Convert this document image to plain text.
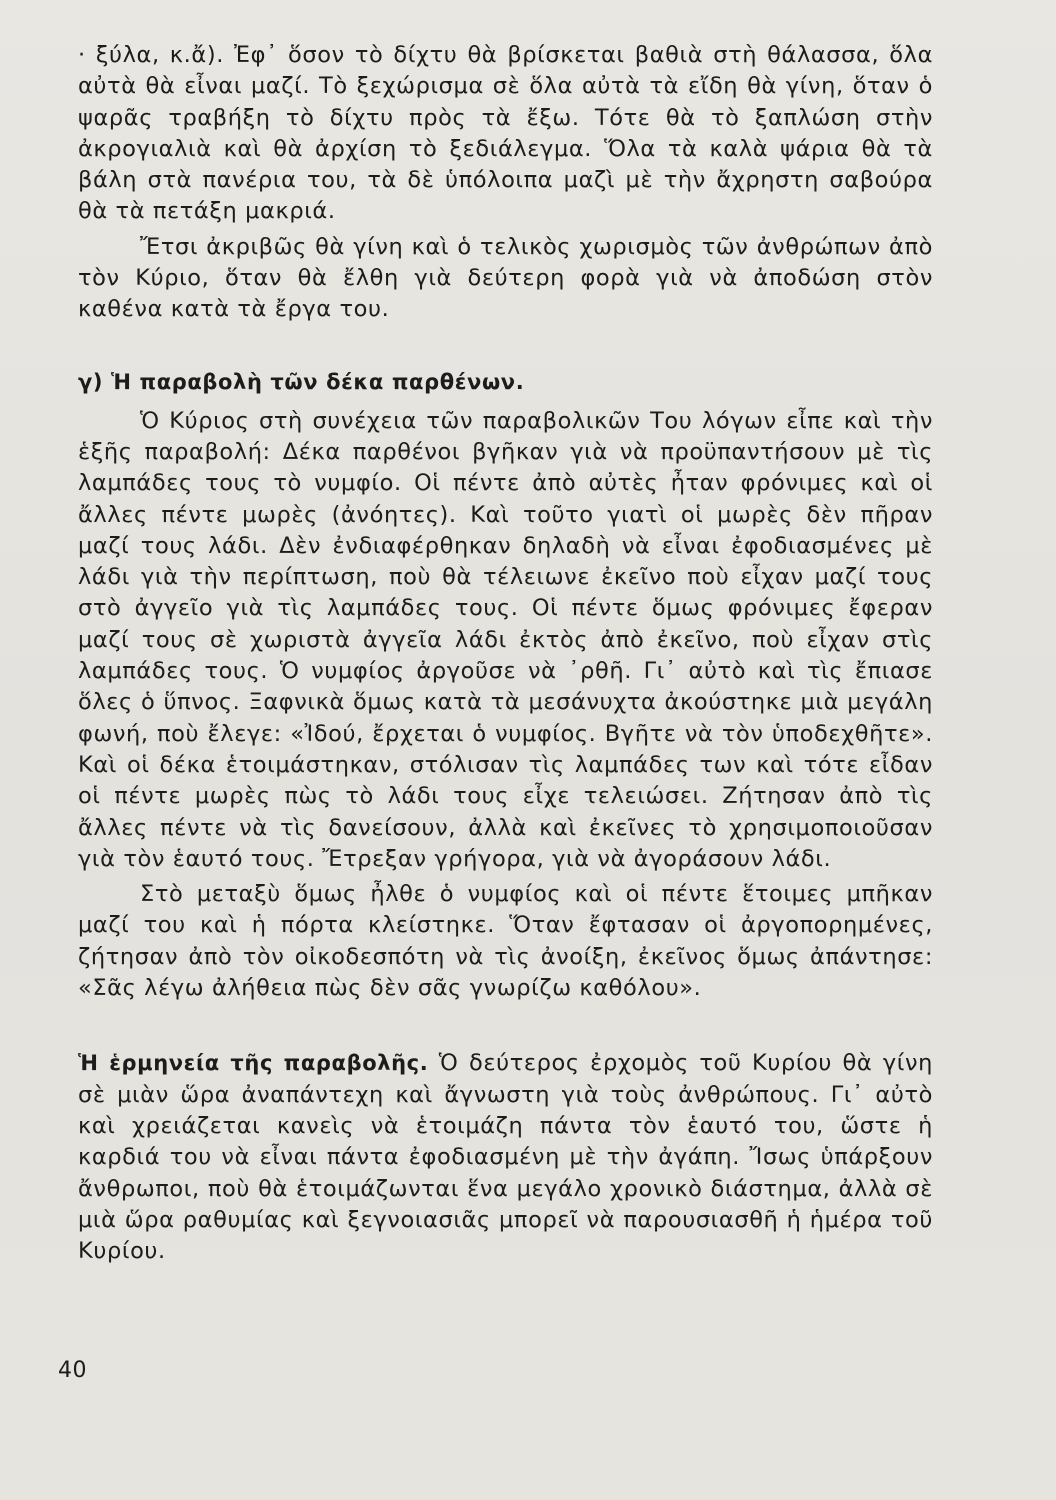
· ξύλα, κ.ἄ). Ἐφ᾽ ὅσον τὸ δίχτυ θὰ βρίσκεται βαθιὰ στὴ θάλασσα, ὅλα αὐτὰ θὰ εἶναι μαζί. Τὸ ξεχώρισμα σὲ ὅλα αὐτὰ τὰ εἴδη θὰ γίνη, ὅταν ὁ ψαρᾶς τραβήξη τὸ δίχτυ πρὸς τὰ ἔξω. Τότε θὰ τὸ ξαπλώση στὴν ἀκρογιαλιὰ καὶ θὰ ἀρχίση τὸ ξεδιάλεγμα. Ὅλα τὰ καλὰ ψάρια θὰ τὰ βάλη στὰ πανέρια του, τὰ δὲ ὑπόλοιπα μαζὶ μὲ τὴν ἄχρηστη σαβούρα θὰ τὰ πετάξη μακριά.

Ἔτσι ἀκριβῶς θὰ γίνη καὶ ὁ τελικὸς χωρισμὸς τῶν ἀνθρώπων ἀπὸ τὸν Κύριο, ὅταν θὰ ἔλθη γιὰ δεύτερη φορὰ γιὰ νὰ ἀποδώση στὸν καθένα κατὰ τὰ ἔργα του.

γ) Ἡ παραβολὴ τῶν δέκα παρθένων.

Ὁ Κύριος στὴ συνέχεια τῶν παραβολικῶν Του λόγων εἶπε καὶ τὴν ἑξῆς παραβολή: Δέκα παρθένοι βγῆκαν γιὰ νὰ προϋπαντήσουν μὲ τὶς λαμπάδες τους τὸ νυμφίο. Οἱ πέντε ἀπὸ αὐτὲς ἦταν φρόνιμες καὶ οἱ ἄλλες πέντε μωρὲς (ἀνόητες). Καὶ τοῦτο γιατὶ οἱ μωρὲς δὲν πῆραν μαζί τους λάδι. Δὲν ἐνδιαφέρθηκαν δηλαδὴ νὰ εἶναι ἐφοδιασμένες μὲ λάδι γιὰ τὴν περίπτωση, ποὺ θὰ τέλειωνε ἐκεῖνο ποὺ εἶχαν μαζί τους στὸ ἀγγεῖο γιὰ τὶς λαμπάδες τους. Οἱ πέντε ὅμως φρόνιμες ἔφεραν μαζί τους σὲ χωριστὰ ἀγγεῖα λάδι ἐκτὸς ἀπὸ ἐκεῖνο, ποὺ εἶχαν στὶς λαμπάδες τους. Ὁ νυμφίος ἀργοῦσε νὰ ᾽ρθῆ. Γι᾽ αὐτὸ καὶ τὶς ἔπιασε ὅλες ὁ ὕπνος. Ξαφνικὰ ὅμως κατὰ τὰ μεσάνυχτα ἀκούστηκε μιὰ μεγάλη φωνή, ποὺ ἔλεγε: «Ἰδού, ἔρχεται ὁ νυμφίος. Βγῆτε νὰ τὸν ὑποδεχθῆτε». Καὶ οἱ δέκα ἑτοιμάστηκαν, στόλισαν τὶς λαμπάδες των καὶ τότε εἶδαν οἱ πέντε μωρὲς πὼς τὸ λάδι τους εἶχε τελειώσει. Ζήτησαν ἀπὸ τὶς ἄλλες πέντε νὰ τὶς δανείσουν, ἀλλὰ καὶ ἐκεῖνες τὸ χρησιμοποιοῦσαν γιὰ τὸν ἑαυτό τους. Ἔτρεξαν γρήγορα, γιὰ νὰ ἀγοράσουν λάδι.

Στὸ μεταξὺ ὅμως ἦλθε ὁ νυμφίος καὶ οἱ πέντε ἕτοιμες μπῆκαν μαζί του καὶ ἡ πόρτα κλείστηκε. Ὅταν ἔφτασαν οἱ ἀργοπορημένες, ζήτησαν ἀπὸ τὸν οἰκοδεσπότη νὰ τὶς ἀνοίξη, ἐκεῖνος ὅμως ἀπάντησε: «Σᾶς λέγω ἀλήθεια πὼς δὲν σᾶς γνωρίζω καθόλου».

Ἡ ἑρμηνεία τῆς παραβολῆς. Ὁ δεύτερος ἐρχομὸς τοῦ Κυρίου θὰ γίνη σὲ μιὰν ὥρα ἀναπάντεχη καὶ ἄγνωστη γιὰ τοὺς ἀνθρώπους. Γι᾽ αὐτὸ καὶ χρειάζεται κανεὶς νὰ ἑτοιμάζη πάντα τὸν ἑαυτό του, ὥστε ἡ καρδιά του νὰ εἶναι πάντα ἐφοδιασμένη μὲ τὴν ἀγάπη. Ἴσως ὑπάρξουν ἄνθρωποι, ποὺ θὰ ἑτοιμάζωνται ἕνα μεγάλο χρονικὸ διάστημα, ἀλλὰ σὲ μιὰ ὥρα ραθυμίας καὶ ξεγνοιασιᾶς μπορεῖ νὰ παρουσιασθῆ ἡ ἡμέρα τοῦ Κυρίου.

40
